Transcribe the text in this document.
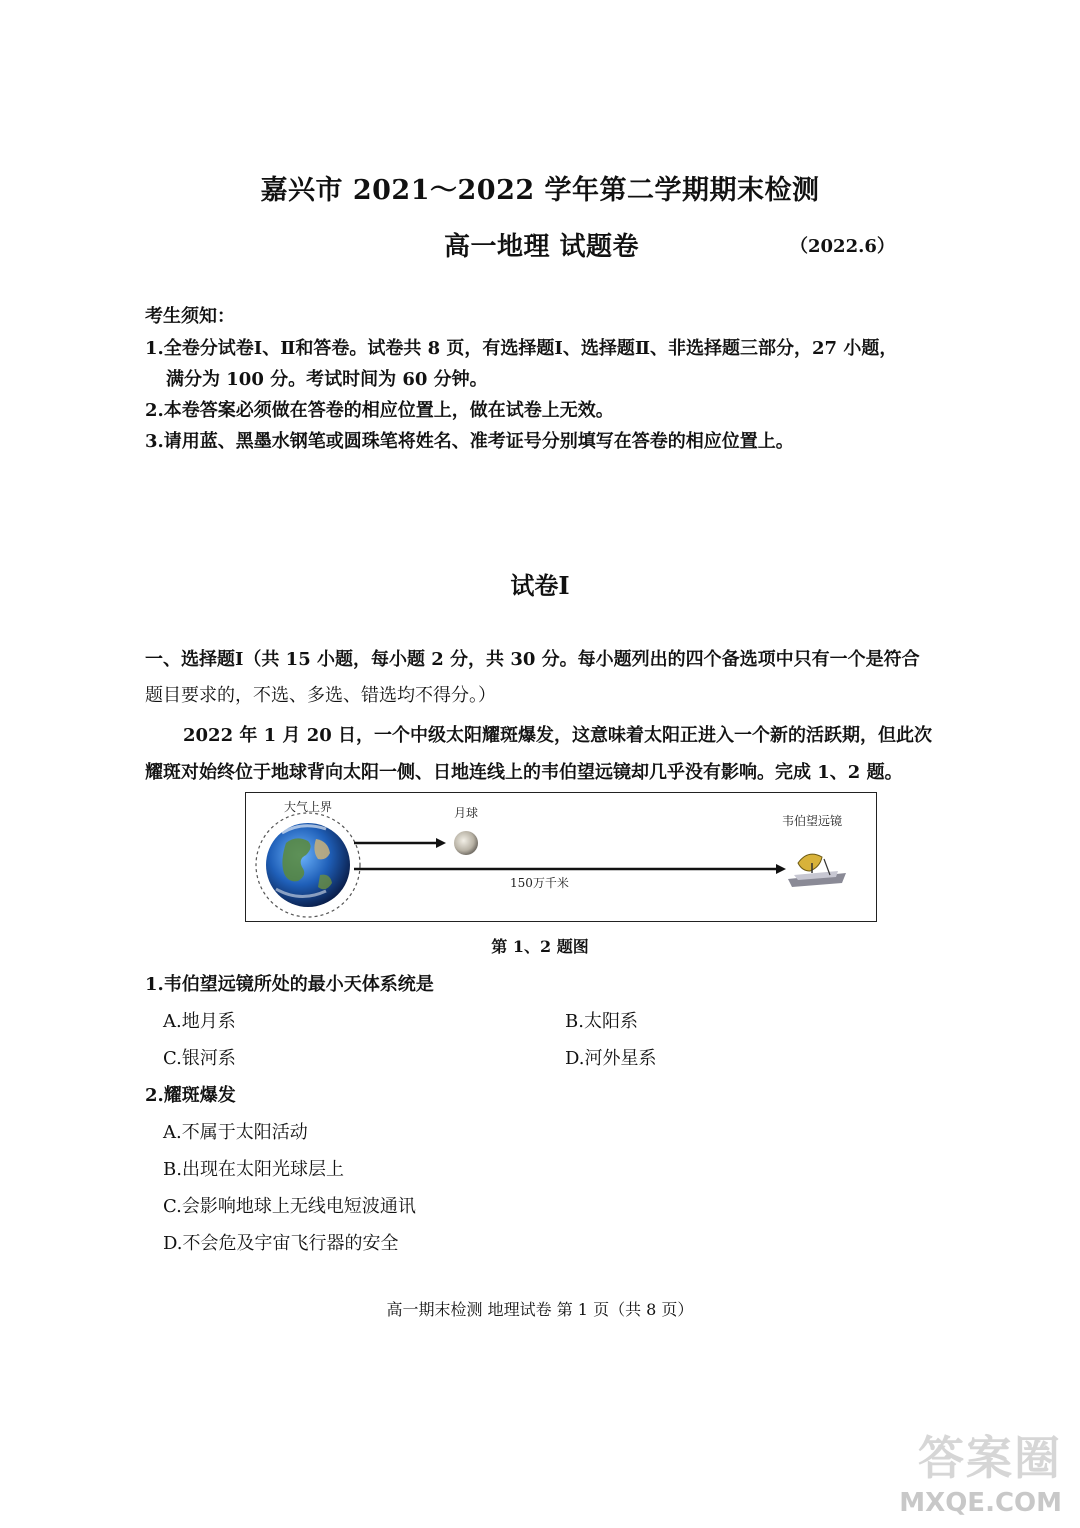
嘉兴市 2021～2022 学年第二学期期末检测
高一地理 试题卷	（2022.6）
考生须知：
1.全卷分试卷Ⅰ、Ⅱ和答卷。试卷共 8 页，有选择题Ⅰ、选择题Ⅱ、非选择题三部分，27 小题，
满分为 100 分。考试时间为 60 分钟。
2.本卷答案必须做在答卷的相应位置上，做在试卷上无效。
3.请用蓝、黑墨水钢笔或圆珠笔将姓名、准考证号分别填写在答卷的相应位置上。
试卷Ⅰ
一、选择题Ⅰ（共 15 小题，每小题 2 分，共 30 分。每小题列出的四个备选项中只有一个是符合
题目要求的，不选、多选、错选均不得分。）
2022 年 1 月 20 日，一个中级太阳耀斑爆发，这意味着太阳正进入一个新的活跃期，但此次
耀斑对始终位于地球背向太阳一侧、日地连线上的韦伯望远镜却几乎没有影响。完成 1、2 题。
大气上界	月球
韦伯望远镜
150万千米
第 1、2 题图
1.韦伯望远镜所处的最小天体系统是
A.地月系	B.太阳系
C.银河系	D.河外星系
2.耀斑爆发
A.不属于太阳活动
B.出现在太阳光球层上
C.会影响地球上无线电短波通讯
D.不会危及宇宙飞行器的安全
高一期末检测 地理试卷 第 1 页（共 8 页）
答案圈
MXQE.COM
